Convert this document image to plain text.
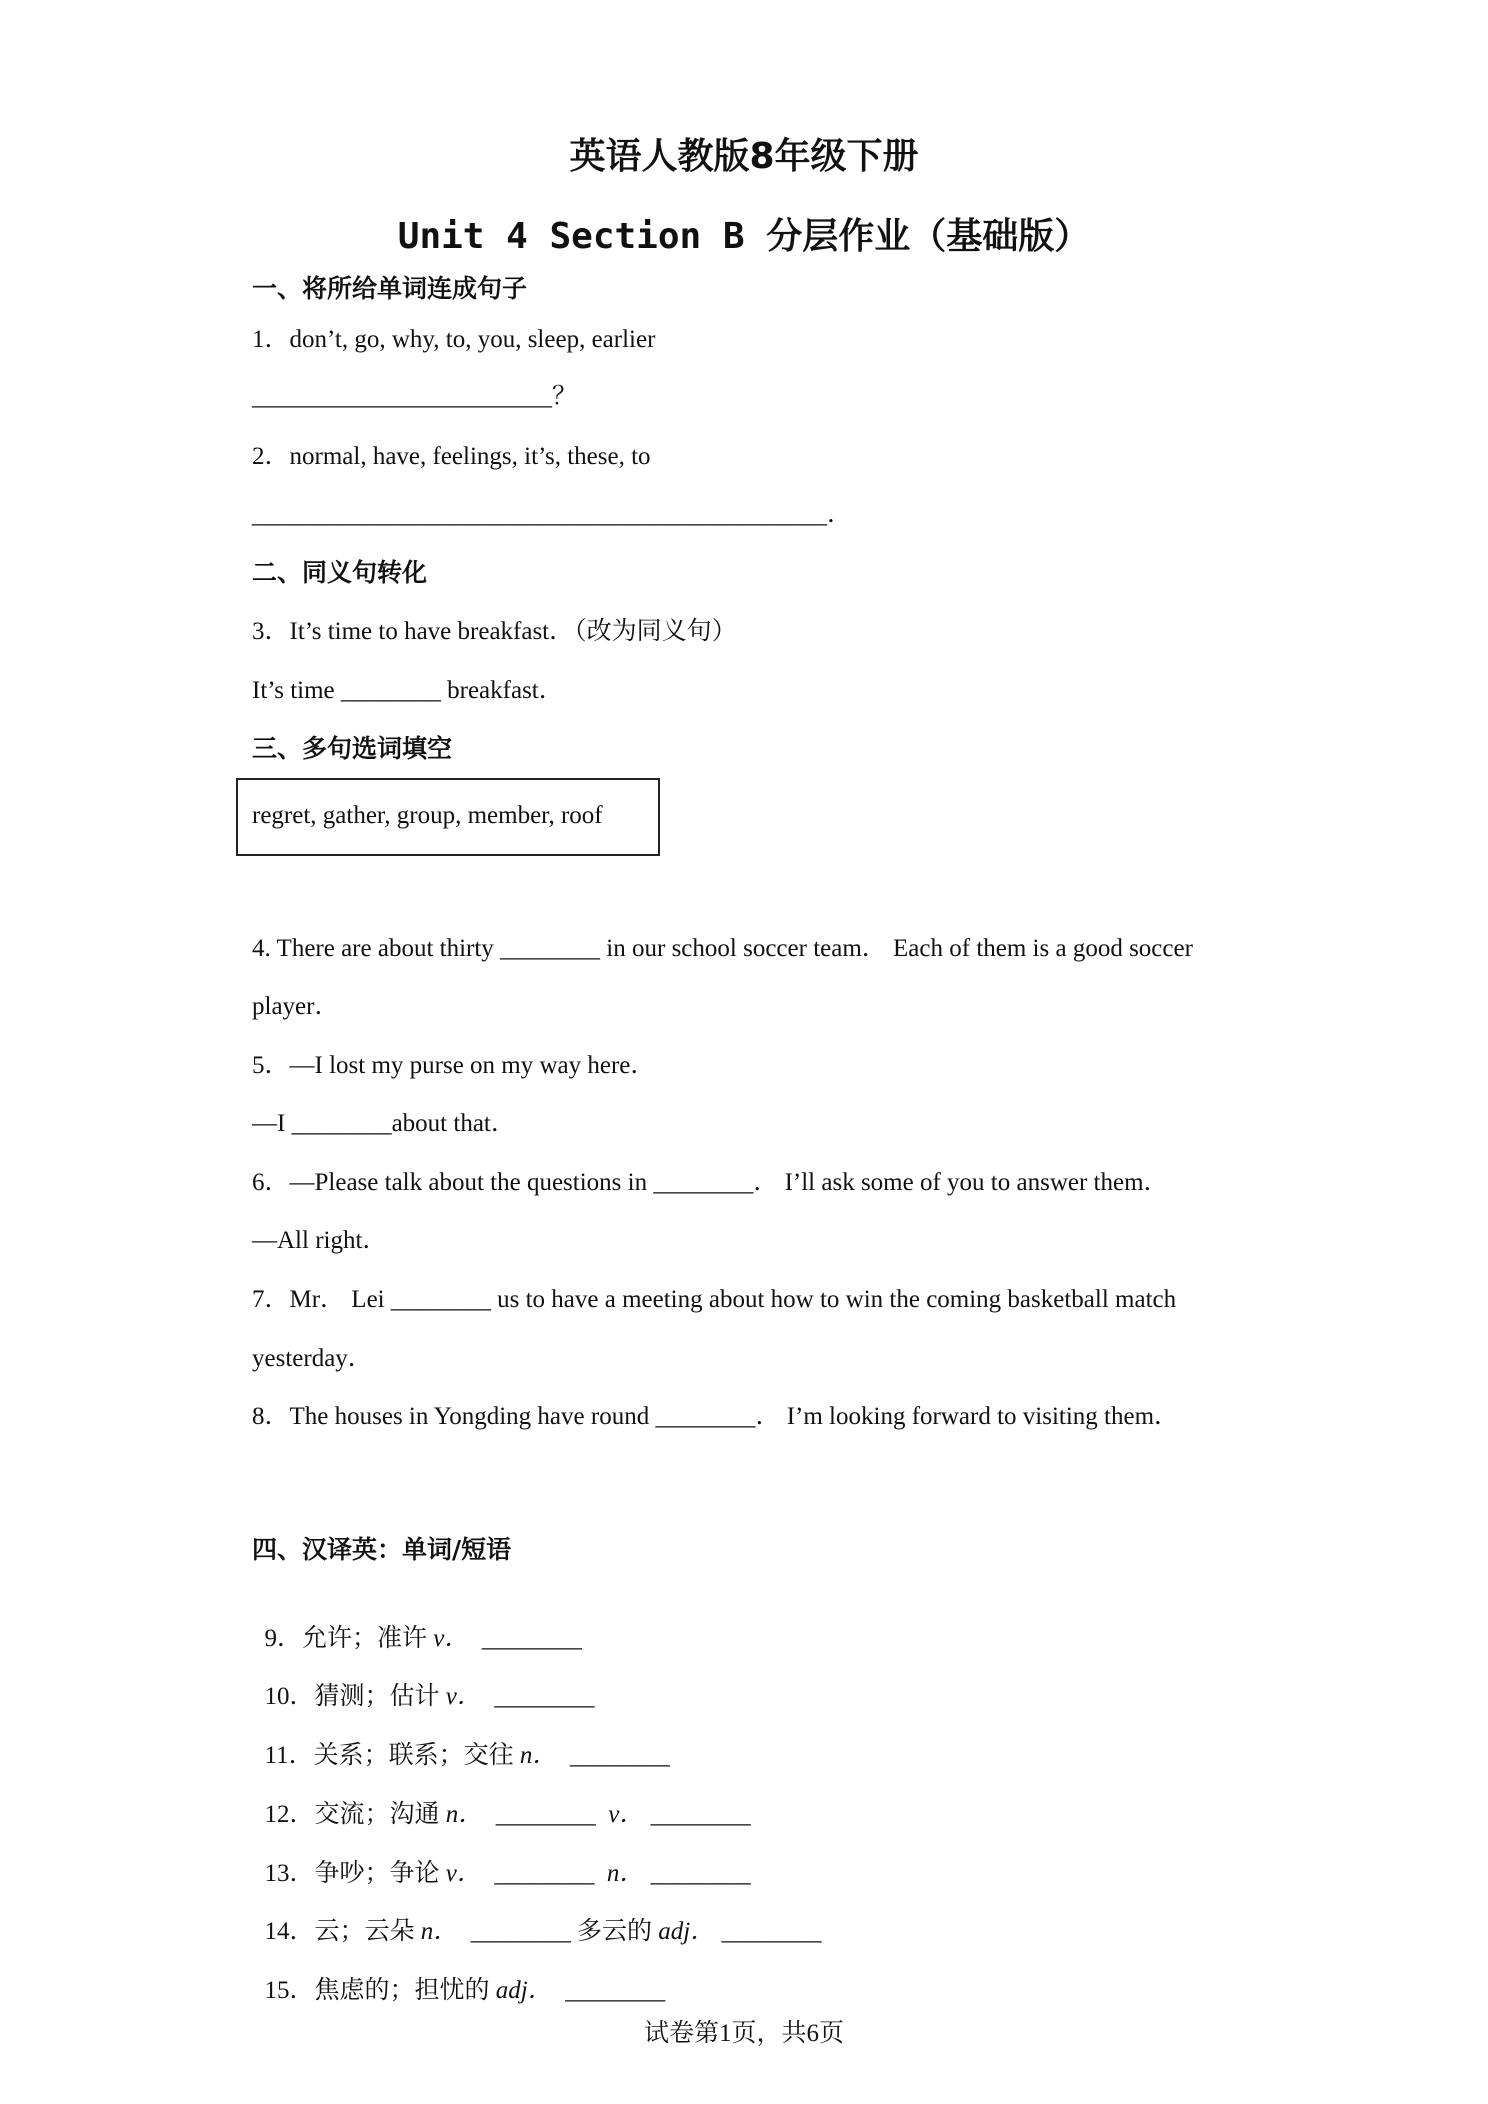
英语人教版8年级下册
Unit 4 Section B 分层作业（基础版）
一、将所给单词连成句子
1．don’t, go, why, to, you, sleep, earlier
________________________？
2．normal, have, feelings, it’s, these, to
______________________________________________．
二、同义句转化
3．It’s time to have breakfast．（改为同义句）
It’s time ________ breakfast．
三、多句选词填空
regret, gather, group, member, roof
4. There are about thirty ________ in our school soccer team． Each of them is a good soccer
player．
5．—I lost my purse on my way here．
—I ________about that．
6．—Please talk about the questions in ________． I’ll ask some of you to answer them．
—All right．
7．Mr． Lei ________ us to have a meeting about how to win the coming basketball match
yesterday．
8．The houses in Yongding have round ________． I’m looking forward to visiting them．
四、汉译英：单词/短语

9．允许；准许 v．  ________

10．猜测；估计 v．  ________

11．关系；联系；交往 n．  ________

12．交流；沟通 n．  ________  v． ________

13．争吵；争论 v．  ________  n． ________

14．云；云朵 n．  ________ 多云的 adj． ________

15．焦虑的；担忧的 adj．  ________

试卷第1页，共6页
